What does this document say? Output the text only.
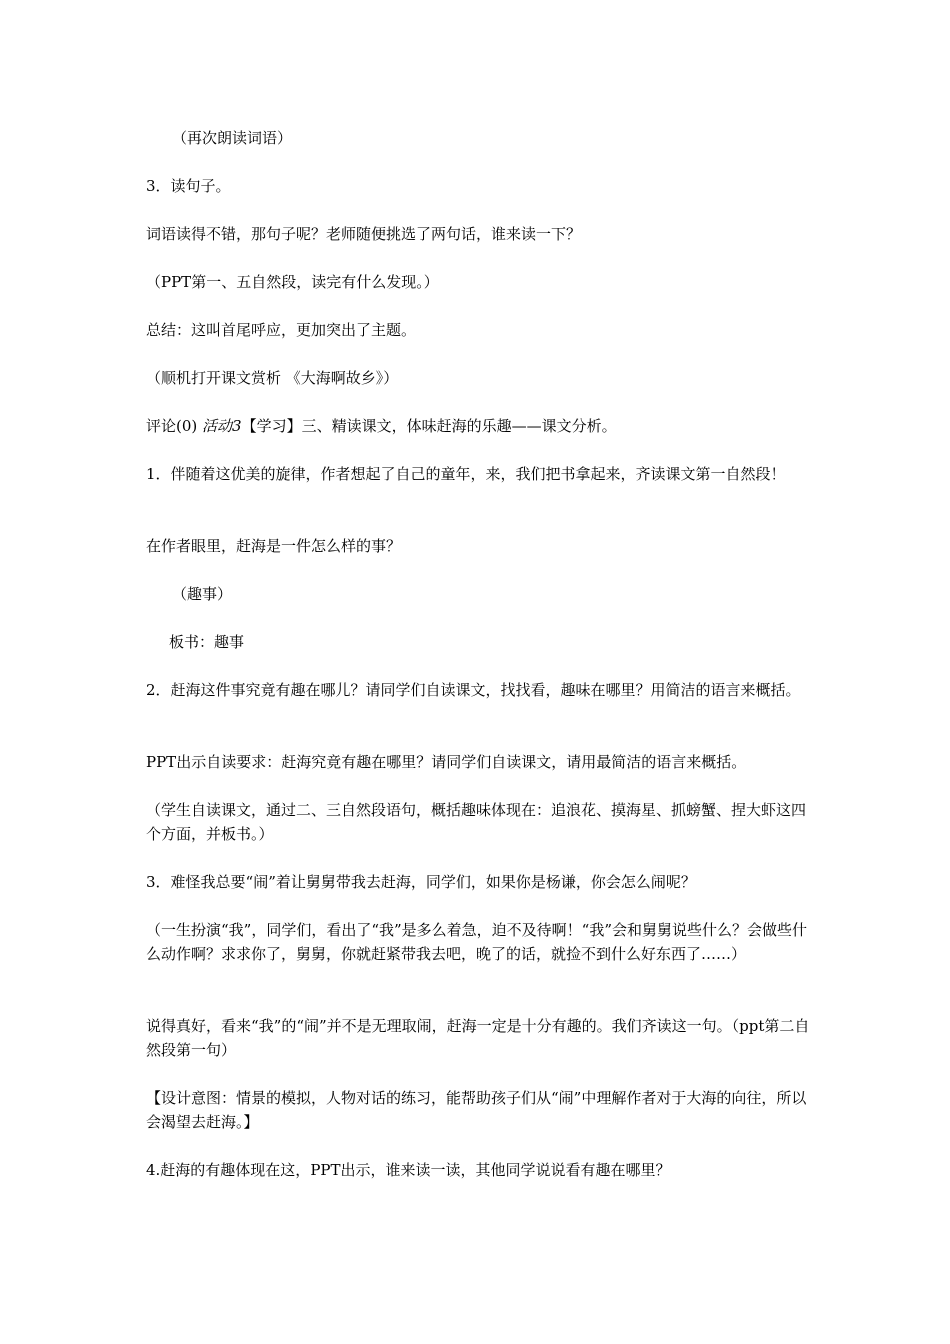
（再次朗读词语）

3．读句子。

词语读得不错，那句子呢？老师随便挑选了两句话，谁来读一下？

（PPT第一、五自然段，读完有什么发现。）

总结：这叫首尾呼应，更加突出了主题。

（顺机打开课文赏析 《大海啊故乡》）

评论(0) 活动3【学习】三、精读课文，体味赶海的乐趣——课文分析。

1．伴随着这优美的旋律，作者想起了自己的童年，来，我们把书拿起来，齐读课文第一自然段！

在作者眼里，赶海是一件怎么样的事？

（趣事）

板书：趣事

2．赶海这件事究竟有趣在哪儿？请同学们自读课文，找找看，趣味在哪里？用简洁的语言来概括。

PPT出示自读要求：赶海究竟有趣在哪里？请同学们自读课文，请用最简洁的语言来概括。

（学生自读课文，通过二、三自然段语句，概括趣味体现在：追浪花、摸海星、抓螃蟹、捏大虾这四个方面，并板书。）

3．难怪我总要“闹”着让舅舅带我去赶海，同学们，如果你是杨谦，你会怎么闹呢？

（一生扮演“我”，同学们，看出了“我”是多么着急，迫不及待啊！“我”会和舅舅说些什么？会做些什么动作啊？求求你了，舅舅，你就赶紧带我去吧，晚了的话，就捡不到什么好东西了……）

说得真好，看来“我”的“闹”并不是无理取闹，赶海一定是十分有趣的。我们齐读这一句。（ppt第二自然段第一句）

【设计意图：情景的模拟，人物对话的练习，能帮助孩子们从“闹”中理解作者对于大海的向往，所以会渴望去赶海。】

4.赶海的有趣体现在这，PPT出示，谁来读一读，其他同学说说看有趣在哪里？
